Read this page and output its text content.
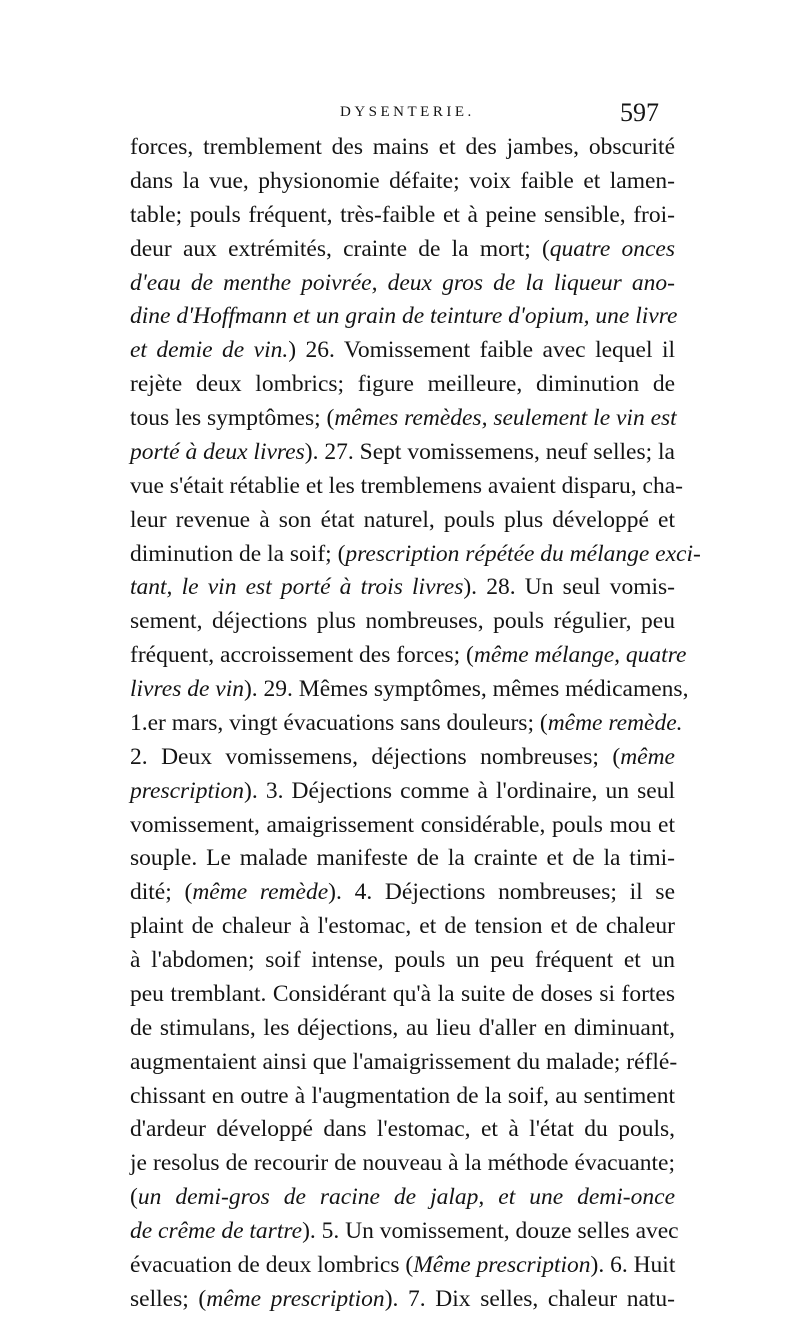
DYSENTERIE.	597
forces, tremblement des mains et des jambes, obscurité
dans la vue, physionomie défaite; voix faible et lamen-
table; pouls fréquent, très-faible et à peine sensible, froi-
deur aux extrémités, crainte de la mort; (quatre onces
d'eau de menthe poivrée, deux gros de la liqueur ano-
dine d'Hoffmann et un grain de teinture d'opium, une livre
et demie de vin.) 26. Vomissement faible avec lequel il
rejète deux lombrics; figure meilleure, diminution de
tous les symptômes; (mêmes remèdes, seulement le vin est
porté à deux livres). 27. Sept vomissemens, neuf selles; la
vue s'était rétablie et les tremblemens avaient disparu, cha-
leur revenue à son état naturel, pouls plus développé et
diminution de la soif; (prescription répétée du mélange exci-
tant, le vin est porté à trois livres). 28. Un seul vomis-
sement, déjections plus nombreuses, pouls régulier, peu
fréquent, accroissement des forces; (même mélange, quatre
livres de vin). 29. Mêmes symptômes, mêmes médicamens,
1.er mars, vingt évacuations sans douleurs; (même remède.
2. Deux vomissemens, déjections nombreuses; (même
prescription). 3. Déjections comme à l'ordinaire, un seul
vomissement, amaigrissement considérable, pouls mou et
souple. Le malade manifeste de la crainte et de la timi-
dité; (même remède). 4. Déjections nombreuses; il se
plaint de chaleur à l'estomac, et de tension et de chaleur
à l'abdomen; soif intense, pouls un peu fréquent et un
peu tremblant. Considérant qu'à la suite de doses si fortes
de stimulans, les déjections, au lieu d'aller en diminuant,
augmentaient ainsi que l'amaigrissement du malade; réflé-
chissant en outre à l'augmentation de la soif, au sentiment
d'ardeur développé dans l'estomac, et à l'état du pouls,
je resolus de recourir de nouveau à la méthode évacuante;
(un demi-gros de racine de jalap, et une demi-once
de crême de tartre). 5. Un vomissement, douze selles avec
évacuation de deux lombrics (Même prescription). 6. Huit
selles; (même prescription). 7. Dix selles, chaleur natu-
